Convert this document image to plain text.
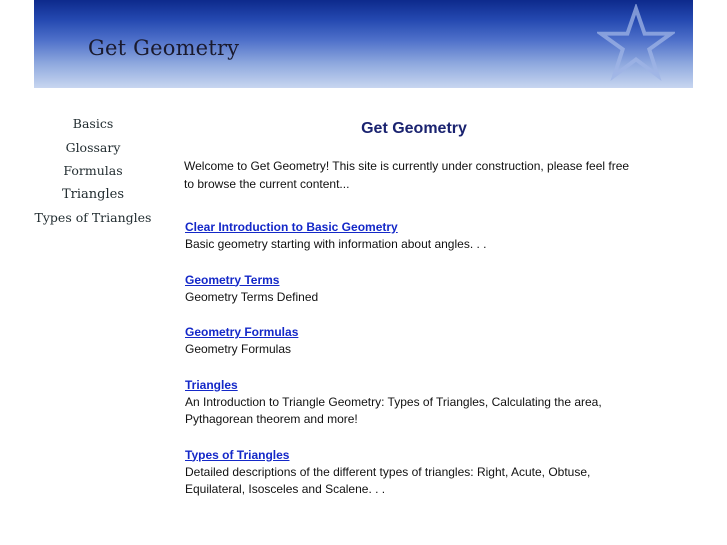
Get Geometry
Basics
Glossary
Formulas
Triangles
Types of Triangles
Get Geometry

Welcome to Get Geometry! This site is currently under construction, please feel free to browse the current content...

Clear Introduction to Basic Geometry
Basic geometry starting with information about angles. . .
Geometry Terms
Geometry Terms Defined
Geometry Formulas
Geometry Formulas
Triangles
An Introduction to Triangle Geometry: Types of Triangles, Calculating the area, Pythagorean theorem and more!
Types of Triangles
Detailed descriptions of the different types of triangles: Right, Acute, Obtuse, Equilateral, Isosceles and Scalene. . .
